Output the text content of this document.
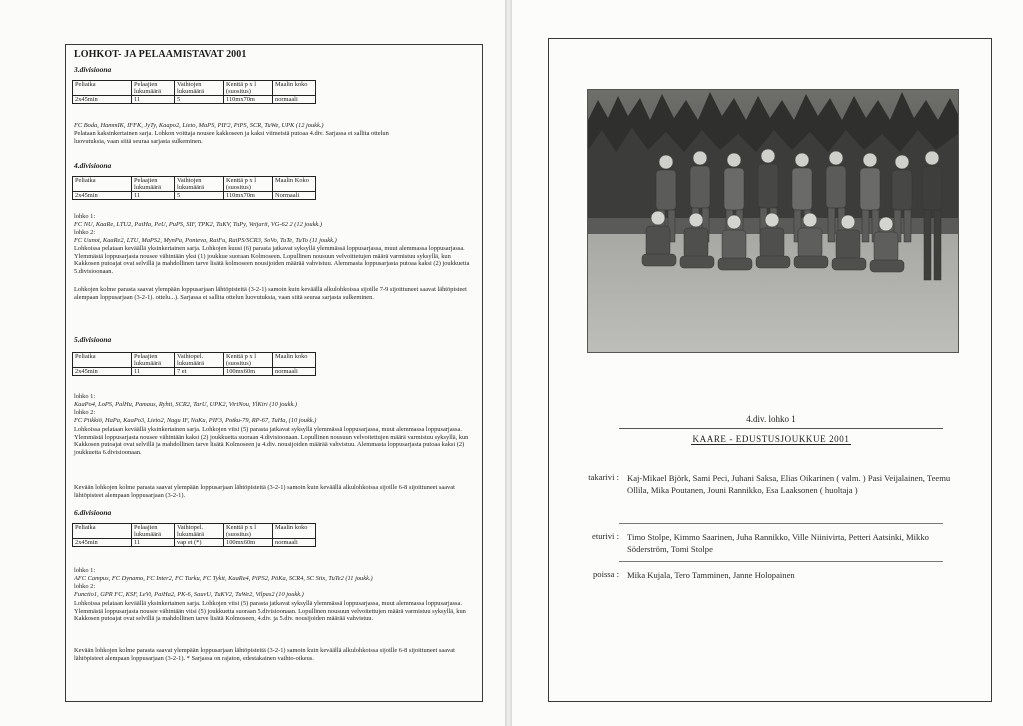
LOHKOT- JA PELAAMISTAVAT 2001
3.divisioona
Peliaika	Pelaajien lukumäärä	Vaihtojen lukumäärä	Kenttä p x l (suositus)	Maalin koko
2x45min	11	5	110mx70m	normaali
FC Boda, HammIK, IFFK, JyTy, Kaapo2, Lieto, MaPS, PIF2, PiPS, SCR, TuWe, UPK (12 joukk.)
Pelataan kaksinkertainen sarja. Lohkon voittaja nousee kakkoseen ja kaksi viimeistä putoaa 4.div. Sarjassa ei sallita ottelun luovutuksia, vaan siitä seuraa sarjasta sulkeminen.
4.divisioona
Peliaika	Pelaajien lukumäärä	Vaihtojen lukumäärä	Kenttä p x l (suositus)	Maalin Koko
2x45min	11	5	110mx70m	Normaali
lohko 1:
FC NU, KaaRe, LTU2, PaiHa, PeU, PuPS, SIF, TPK2, TuKV, TuPy, Veijarit, VG-62 2 (12 joukk.)
lohko 2:
FC Uunot, KaaRe2, LTU, MaPS2, MynPa, Ponteva, RaiFu, RaiPS/SCR3, SoVo, TuTe, TuTo (11 joukk.)
Lohkoissa pelataan keväällä yksinkertainen sarja. Lohkojen kuusi (6) parasta jatkavat syksyllä ylemmässä loppusarjassa, muut alemmassa loppusarjassa. Ylemmästä loppusarjasta nousee vähintään yksi (1) joukkue suoraan Kolmoseen. Lopullinen nousuun velvoittetujen määrä varmistuu syksyllä, kun Kakkosen putoajat ovat selvillä ja mahdollinen tarve lisätä kolmoseen nousijoiden määrää vahvistuu. Alemmasta loppusarjasta putoaa kaksi (2) joukkuetta 5.divisioonaan.
Lohkojen kolme parasta saavat ylempään loppusarjaan lähtöpisteitä (3-2-1) samoin kuin keväällä alkulohkoissa sijoille 7-9 sijoittuneet saavat lähtöpisteet alempaan loppusarjaan (3-2-1). ottelu...). Sarjassa ei sallita ottelun luovutuksia, vaan siitä seuraa sarjasta sulkeminen.
5.divisioona
Peliaika	Pelaajien lukumäärä	Vaihtopel. lukumäärä	Kenttä p x l (suositus)	Maalin koko
2x45min	11	7 et	100mx60m	normaali
lohko 1:
KaaPo4, LoPS, PalHu, Pamaus, Ryhti, SCR2, TarU, UPK2, VirtNou, YlKiri (10 joukk.)
lohko 2:
FC Piikkiö, HaPa, KaaPo3, Lieto2, Nagu IF, NaKu, PIF3, Potku-79, RP-67, TuHa, (10 joukk.)
Lohkoissa pelataan keväällä yksinkertainen sarja. Lohkojen viisi (5) parasta jatkavat syksyllä ylemmässä loppusarjassa, muut alemmassa loppusarjassa. Ylemmästä loppusarjasta nousee vähintään kaksi (2) joukkuetta suoraan 4.divisioonaan. Lopullinen nousuun velvoitettujen määrä varmistuu syksyllä, kun Kakkosen putoajat ovat selvillä ja mahdollinen tarve lisätä Kolmoseen ja 4.div. nousijoiden määrää vahvistuu. Alemmasta loppusarjasta putoaa kaksi (2) joukkuetta 6.divisioonaan.
Kevään lohkojen kolme parasta saavat ylempään loppusarjaan lähtöpisteitä (3-2-1) samoin kuin keväällä alkulohkoissa sijoille 6-8 sijoittuneet saavat lähtöpisteet alempaan loppusarjaan (3-2-1).
6.divisioona
Peliaika	Pelaajien lukumäärä	Vaihtopel. lukumäärä	Kenttä p x l (suositus)	Maalin koko
2x45min	11	vap et (*)	100mx60m	normaali
lohko 1:
AFC Campus, FC Dynamo, FC Inter2, FC Turku, FC Tykit, KaaRe4, PiPS2, PöKa, SCR4, SC Stix, TuTe2 (11 joukk.)
lohko 2:
Functio1, GPR FC, KSF, LeVi, PaiHa2, PK-6, SauvU, TuKV2, TuWe2, Vilpas2 (10 joukk.)
Lohkoissa pelataan keväällä yksinkertainen sarja. Lohkojen viisi (5) parasta jatkavat syksyllä ylemmässä loppusarjassa, muut alemmassa loppusarjassa. Ylemmästä loppusarjasta nousee vähintään viisi (5) joukkuetta suoraan 5.divisioonaan. Lopullinen nousuun velvoitettujen määrä varmistuu syksyllä, kun Kakkosen putoajat ovat selvillä ja mahdollinen tarve lisätä Kolmoseen, 4.div. ja 5.div. nousijoiden määrää vahvistuu.
Kevään lohkojen kolme parasta saavat ylempään loppusarjaan lähtöpisteitä (3-2-1) samoin kuin keväällä alkulohkoissa sijoille 6-8 sijoittuneet saavat lähtöpisteet alempaan loppusarjaan (3-2-1). * Sarjassa on rajaton, edestakainen vaihto-oikeus.
4.div. lohko 1
KAARE - EDUSTUSJOUKKUE 2001
takarivi : Kaj-Mikael Björk, Sami Peci, Juhani Saksa, Elias Oikarinen ( valm. ) Pasi Veijalainen, Teemu Ollila, Mika Poutanen, Jouni Rannikko, Esa Laaksonen ( huoltaja )
eturivi : Timo Stolpe, Kimmo Saarinen, Juha Rannikko, Ville Niinivirta, Petteri Aatsinki, Mikko Söderström, Tomi Stolpe
poissa : Mika Kujala, Tero Tamminen, Janne Holopainen
